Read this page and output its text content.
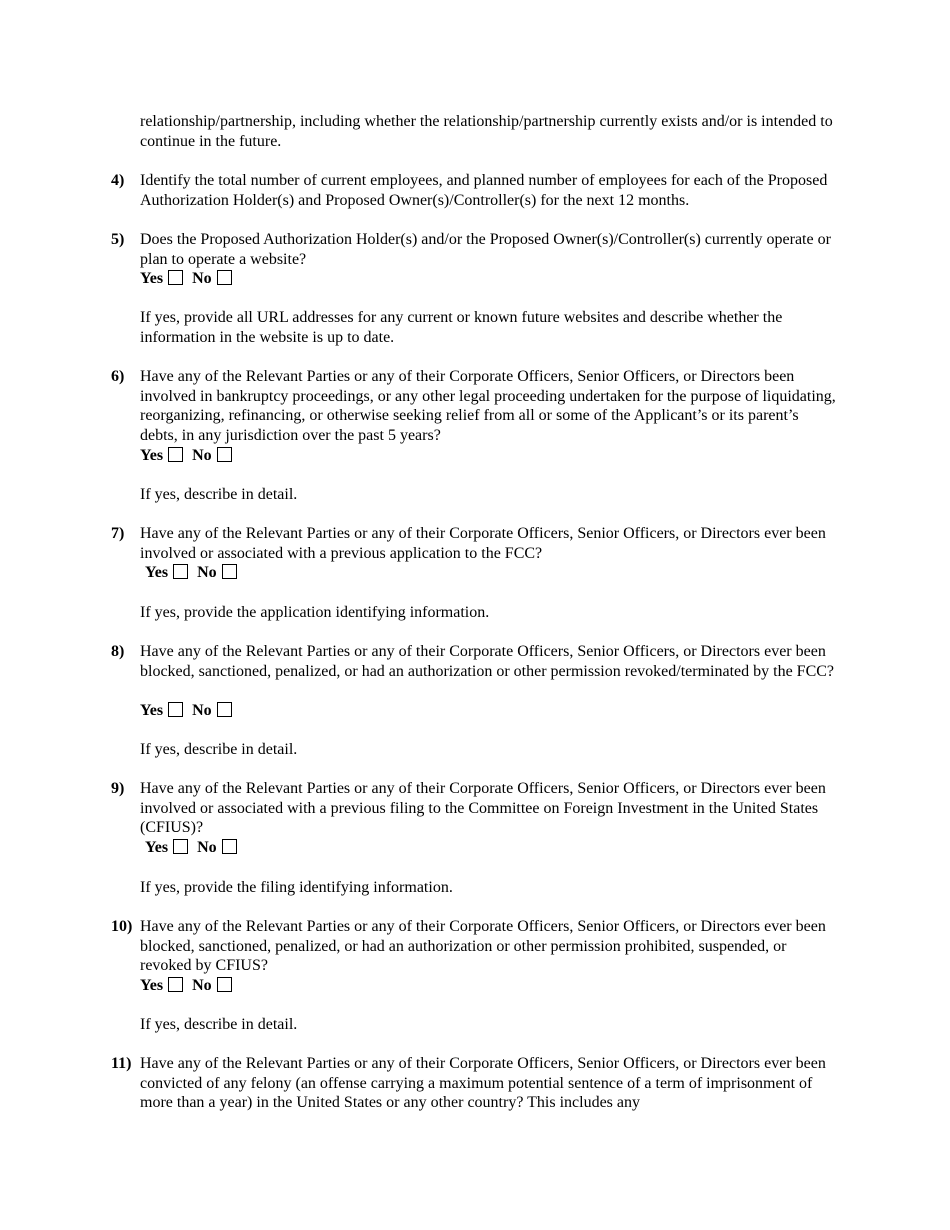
relationship/partnership, including whether the relationship/partnership currently exists and/or is intended to continue in the future.
4) Identify the total number of current employees, and planned number of employees for each of the Proposed Authorization Holder(s) and Proposed Owner(s)/Controller(s) for the next 12 months.
5) Does the Proposed Authorization Holder(s) and/or the Proposed Owner(s)/Controller(s) currently operate or plan to operate a website?
Yes No
If yes, provide all URL addresses for any current or known future websites and describe whether the information in the website is up to date.
6) Have any of the Relevant Parties or any of their Corporate Officers, Senior Officers, or Directors been involved in bankruptcy proceedings, or any other legal proceeding undertaken for the purpose of liquidating, reorganizing, refinancing, or otherwise seeking relief from all or some of the Applicant’s or its parent’s debts, in any jurisdiction over the past 5 years?
Yes No
If yes, describe in detail.
7) Have any of the Relevant Parties or any of their Corporate Officers, Senior Officers, or Directors ever been involved or associated with a previous application to the FCC?
Yes No
If yes, provide the application identifying information.
8) Have any of the Relevant Parties or any of their Corporate Officers, Senior Officers, or Directors ever been blocked, sanctioned, penalized, or had an authorization or other permission revoked/terminated by the FCC?
Yes No
If yes, describe in detail.
9) Have any of the Relevant Parties or any of their Corporate Officers, Senior Officers, or Directors ever been involved or associated with a previous filing to the Committee on Foreign Investment in the United States (CFIUS)?
Yes No
If yes, provide the filing identifying information.
10) Have any of the Relevant Parties or any of their Corporate Officers, Senior Officers, or Directors ever been blocked, sanctioned, penalized, or had an authorization or other permission prohibited, suspended, or revoked by CFIUS?
Yes No
If yes, describe in detail.
11) Have any of the Relevant Parties or any of their Corporate Officers, Senior Officers, or Directors ever been convicted of any felony (an offense carrying a maximum potential sentence of a term of imprisonment of more than a year) in the United States or any other country? This includes any
